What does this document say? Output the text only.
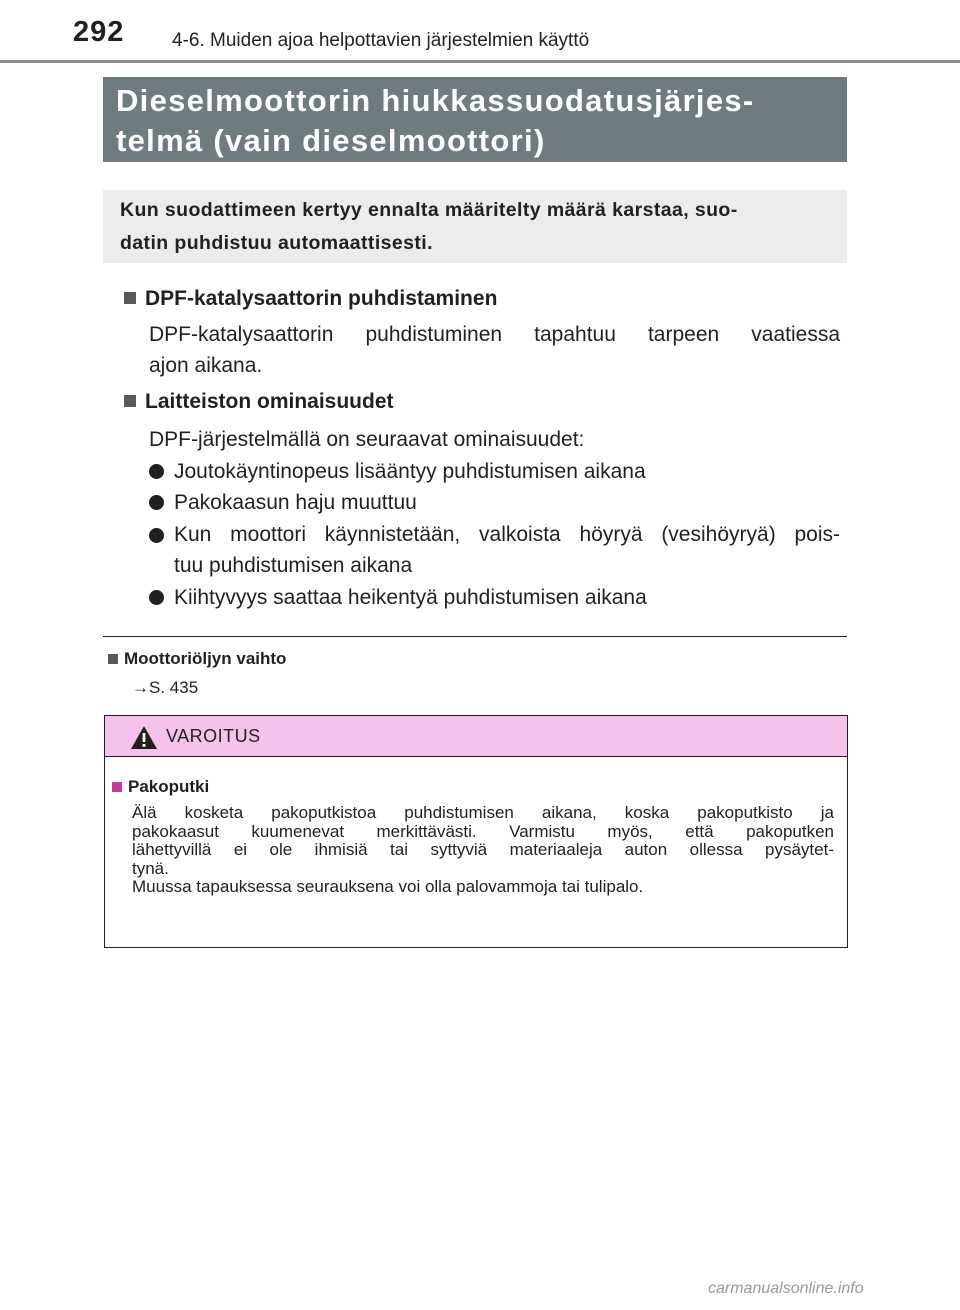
292	4-6. Muiden ajoa helpottavien järjestelmien käyttö
Dieselmoottorin hiukkassuodatusjärjes-
telmä (vain dieselmoottori)
Kun suodattimeen kertyy ennalta määritelty määrä karstaa, suo-
datin puhdistuu automaattisesti.
DPF-katalysaattorin puhdistaminen
DPF-katalysaattorin puhdistuminen tapahtuu tarpeen vaatiessa
ajon aikana.
Laitteiston ominaisuudet
DPF-järjestelmällä on seuraavat ominaisuudet:
Joutokäyntinopeus lisääntyy puhdistumisen aikana
Pakokaasun haju muuttuu
Kun moottori käynnistetään, valkoista höyryä (vesihöyryä) pois-
tuu puhdistumisen aikana
Kiihtyvyys saattaa heikentyä puhdistumisen aikana
Moottoriöljyn vaihto
→S. 435
VAROITUS
Pakoputki
Älä kosketa pakoputkistoa puhdistumisen aikana, koska pakoputkisto ja
pakokaasut kuumenevat merkittävästi. Varmistu myös, että pakoputken
lähettyvillä ei ole ihmisiä tai syttyviä materiaaleja auton ollessa pysäytet-
tynä.
Muussa tapauksessa seurauksena voi olla palovammoja tai tulipalo.
carmanualsonline.info
